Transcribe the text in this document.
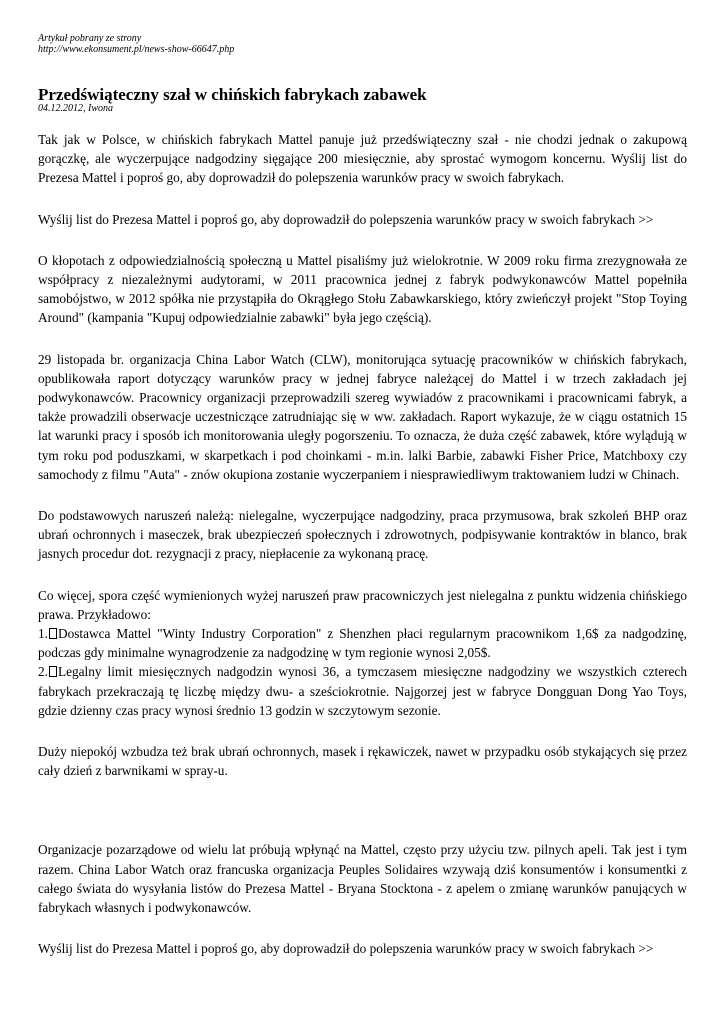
Artykuł pobrany ze strony
http://www.ekonsument.pl/news-show-66647.php
Przedświąteczny szał w chińskich fabrykach zabawek
04.12.2012, Iwona

Tak jak w Polsce, w chińskich fabrykach Mattel panuje już przedświąteczny szał - nie chodzi jednak o zakupową gorączkę, ale wyczerpujące nadgodziny sięgające 200 miesięcznie, aby sprostać wymogom koncernu. Wyślij list do Prezesa Mattel i poproś go, aby doprowadził do polepszenia warunków pracy w swoich fabrykach.

Wyślij list do Prezesa Mattel i poproś go, aby doprowadził do polepszenia warunków pracy w swoich fabrykach >>

O kłopotach z odpowiedzialnością społeczną u Mattel pisaliśmy już wielokrotnie. W 2009 roku firma zrezygnowała ze współpracy z niezależnymi audytorami, w 2011 pracownica jednej z fabryk podwykonawców Mattel popełniła samobójstwo, w 2012 spółka nie przystąpiła do Okrągłego Stołu Zabawkarskiego, który zwieńczył projekt "Stop Toying Around" (kampania "Kupuj odpowiedzialnie zabawki" była jego częścią).

29 listopada br. organizacja China Labor Watch (CLW), monitorująca sytuację pracowników w chińskich fabrykach, opublikowała raport dotyczący warunków pracy w jednej fabryce należącej do Mattel i w trzech zakładach jej podwykonawców. Pracownicy organizacji przeprowadzili szereg wywiadów z pracownikami i pracownicami fabryk, a także prowadzili obserwacje uczestniczące zatrudniając się w ww. zakładach. Raport wykazuje, że w ciągu ostatnich 15 lat warunki pracy i sposób ich monitorowania uległy pogorszeniu. To oznacza, że duża część zabawek, które wylądują w tym roku pod poduszkami, w skarpetkach i pod choinkami - m.in. lalki Barbie, zabawki Fisher Price, Matchboxy czy samochody z filmu "Auta" - znów okupiona zostanie wyczerpaniem i niesprawiedliwym traktowaniem ludzi w Chinach.

Do podstawowych naruszeń należą: nielegalne, wyczerpujące nadgodziny, praca przymusowa, brak szkoleń BHP oraz ubrań ochronnych i maseczek, brak ubezpieczeń społecznych i zdrowotnych, podpisywanie kontraktów in blanco, brak jasnych procedur dot. rezygnacji z pracy, niepłacenie za wykonaną pracę.

Co więcej, spora część wymienionych wyżej naruszeń praw pracowniczych jest nielegalna z punktu widzenia chińskiego prawa. Przykładowo:
1. Dostawca Mattel "Winty Industry Corporation" z Shenzhen płaci regularnym pracownikom 1,6$ za nadgodzinę, podczas gdy minimalne wynagrodzenie za nadgodzinę w tym regionie wynosi 2,05$.
2. Legalny limit miesięcznych nadgodzin wynosi 36, a tymczasem miesięczne nadgodziny we wszystkich czterech fabrykach przekraczają tę liczbę między dwu- a sześciokrotnie. Najgorzej jest w fabryce Dongguan Dong Yao Toys, gdzie dzienny czas pracy wynosi średnio 13 godzin w szczytowym sezonie.

Duży niepokój wzbudza też brak ubrań ochronnych, masek i rękawiczek, nawet w przypadku osób stykających się przez cały dzień z barwnikami w spray-u.

Organizacje pozarządowe od wielu lat próbują wpłynąć na Mattel, często przy użyciu tzw. pilnych apeli. Tak jest i tym razem. China Labor Watch oraz francuska organizacja Peuples Solidaires wzywają dziś konsumentów i konsumentki z całego świata do wysyłania listów do Prezesa Mattel - Bryana Stocktona - z apelem o zmianę warunków panujących w fabrykach własnych i podwykonawców.

Wyślij list do Prezesa Mattel i poproś go, aby doprowadził do polepszenia warunków pracy w swoich fabrykach >>
